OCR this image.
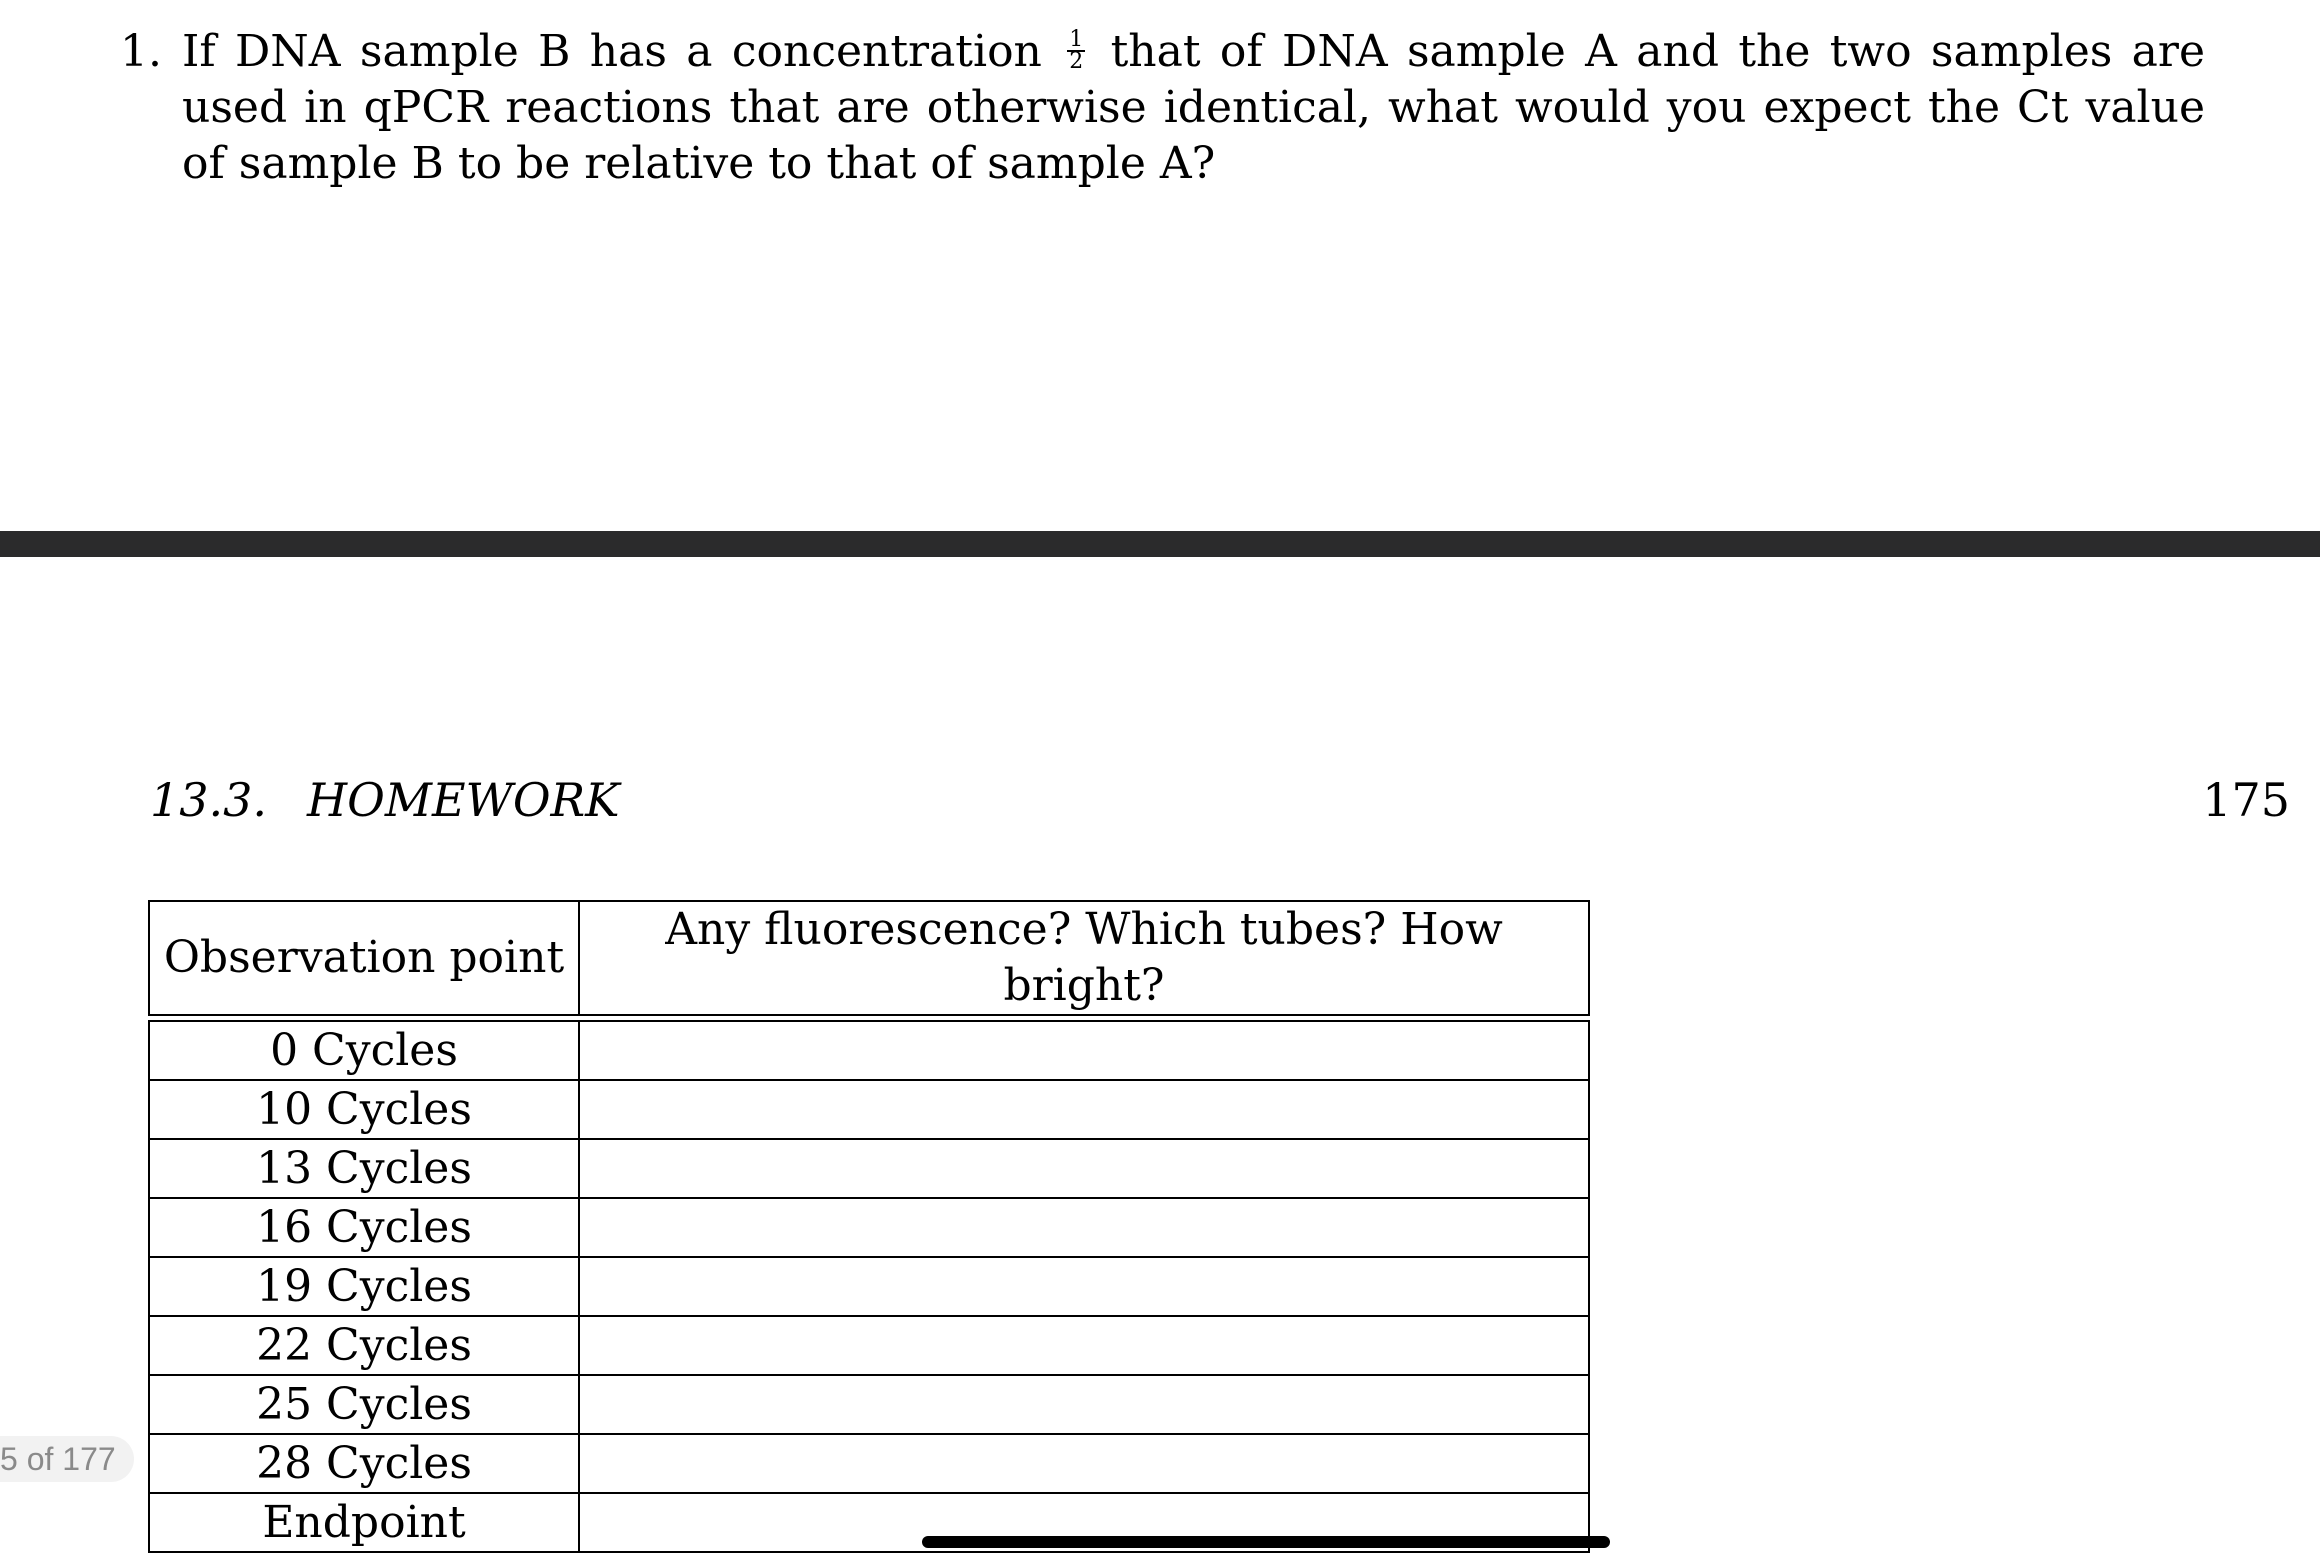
1. If DNA sample B has a concentration $\frac{1}{2}$ that of DNA sample A and the two samples are used in qPCR reactions that are otherwise identical, what would you expect the Ct value of sample B to be relative to that of sample A?
13.3. HOMEWORK	175
Observation point	Any fluorescence? Which tubes? How bright?

0 Cycles	
10 Cycles	
13 Cycles	
16 Cycles	
19 Cycles	
22 Cycles	
25 Cycles	
28 Cycles	
Endpoint	
5 of 177
